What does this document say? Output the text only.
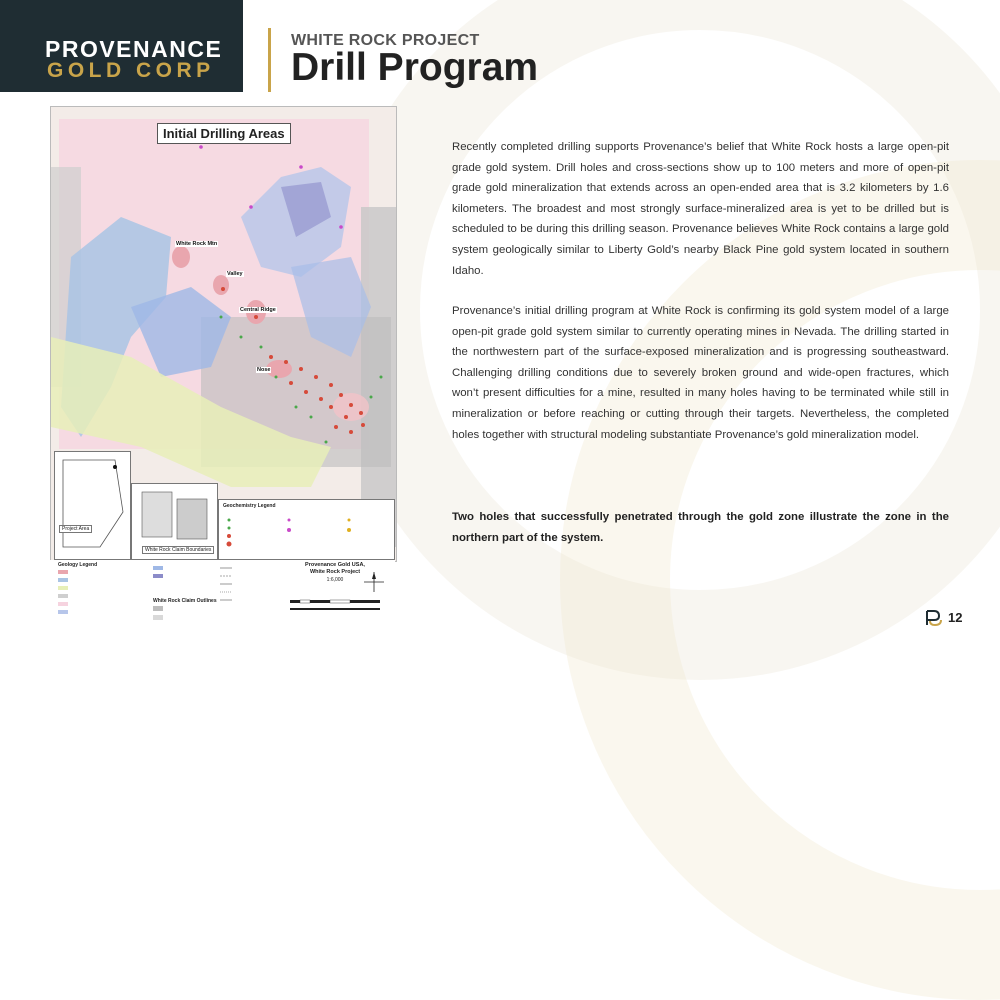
PROVENANCE
GOLD CORP
WHITE ROCK PROJECT
Drill Program
Initial Drilling Areas
White Rock Mtn
Valley
Central Ridge
Nose
Project Area
White Rock Claim Boundaries
Geochemistry Legend
Geology Legend
White Rock Claim Outlines
Provenance Gold USA,
White Rock Project
1:6,000

Recently completed drilling supports Provenance’s belief that White Rock hosts a large open-pit grade gold system. Drill holes and cross-sections show up to 100 meters and more of open-pit grade gold mineralization that extends across an open-ended area that is 3.2 kilometers by 1.6 kilometers. The broadest and most strongly surface-mineralized area is yet to be drilled but is scheduled to be during this drilling season. Provenance believes White Rock contains a large gold system geologically similar to Liberty Gold’s nearby Black Pine gold system located in southern Idaho.

Provenance’s initial drilling program at White Rock is confirming its gold system model of a large open-pit grade gold system similar to currently operating mines in Nevada. The drilling started in the northwestern part of the surface-exposed mineralization and is progressing southeastward. Challenging drilling conditions due to severely broken ground and wide-open fractures, which won’t present difficulties for a mine, resulted in many holes having to be terminated while still in mineralization or before reaching or cutting through their targets. Nevertheless, the completed holes together with structural modeling substantiate Provenance’s gold mineralization model.

Two holes that successfully penetrated through the gold zone illustrate the zone in the northern part of the system.

12
